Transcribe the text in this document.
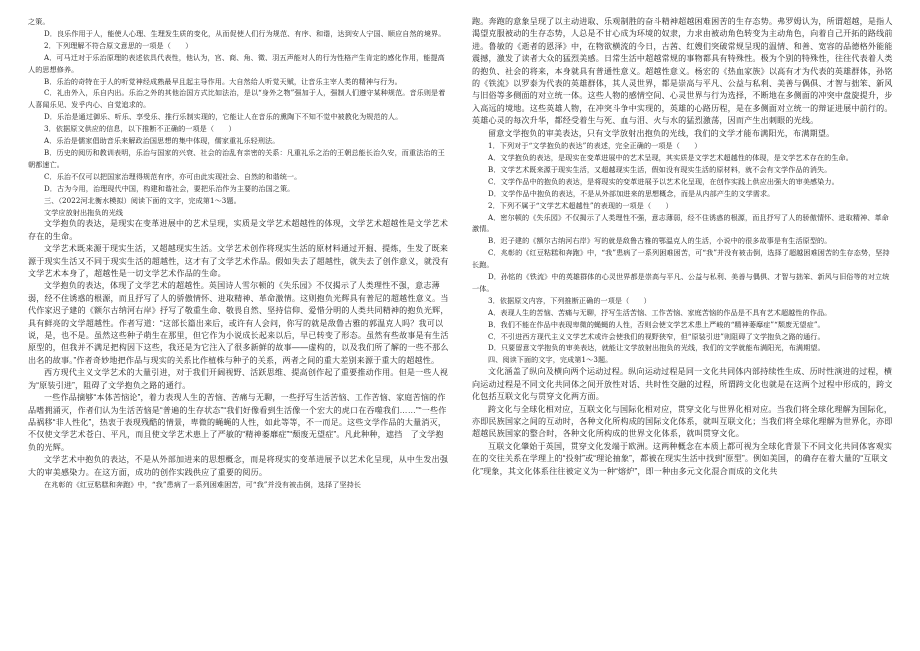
之策。

D．良乐作用于人，能使人心理、生理发生质的变化，从而促使人们行为规范、有序、和谐，达到安人宁国、顺应自然的境界。

2．下列理解不符合原文意思的一项是（　　）

A．可马迁对于乐治原理的表述依具代表性，他认为，宫、商、角、徵、羽五声能对人的行为性格产生肯定的感化作用，能提高人的思想修养。

B．乐治的奇特在于人的听觉神经成熟最早且起主导作用。大自然给人听觉天赋，让音乐主宰人类的精神与行为。

C．礼由外入，乐自内出。乐治之外的其他治国方式比如法治，是以“身外之物”强加于人，强制人们遵守某种规范。音乐则是着人喜闻乐见、发乎内心、自觉追求的。

D．乐治是通过御乐、听乐、享受乐、推行乐制实现的，它能让人在音乐的熏陶下不知不觉中被教化为规范的人。

3．依据原文供应的信息，以下推断不正确的一项是（　　）

A．乐治是儒家倡助音乐来解政治国思想的集中体现，儒家重礼乐轻刑法。

B．历史的阅历和教训表明，乐治与国家的兴衰、社会的治乱有亲密的关系：凡重礼乐之治的王朝总能长治久安，而重法治的王朝都速亡。

C．乐治不仅可以把国家治理得规范有序，亦可由此实现社会、自然的和谐统一。

D．古为今用，治理现代中国，构建和谐社会，要把乐治作为主要的治国之策。

三、（2022河北衡水模拟）阅读下面的文字，完成第1～3题。

文学应放射出拖负的光线

文学抱负的表达，是现实在变革进展中的艺术呈现，实质是文学艺术超越性的体现，文学艺术超越性是文学艺术存在的生命。

文学艺术既来源于现实生活，又超越现实生活。文学艺术创作将现实生活的原材料通过开掘、提炼，生发了既来源于现实生活又不同于现实生活的超越性，这才有了文学艺术作品。假如失去了超越性，就失去了创作意义，就没有文学艺术本身了，超越性是一切文学艺术作品的生命。

文学抱负的表达，体现了文学艺术的超越性。英国诗人雪尔顿的《失乐园》不仅揭示了人类理性不强，意志薄弱，经不住诱惑的根源，而且抒写了人的骄傲情怀、进取精神、革命激情。这则抱负光辉具有普尼的超越性意义。当代作家迟子建的《额尔古纳河右岸》抒写了敬重生命、敬畏自然、坚持信仰、爱惜分明的人类共同精神的抱负光辉，具有鲜亮的文学超越性。作者写道：“这部长篇出来后，或许有人会问，你写的就是敌鲁古雅的郭温克人吗？我可以说，是，也不是。虽然这些种子萌生在那里，但它作为小说成长起来以后，早已转变了形态。虽然有些故事是有生活原型的，但我并不满足把构因下这些，我还是为它注入了很多新鲜的故事——虚构的，以及我们所了解的一些不那么出名的故事。”作者奇妙地把作品与现实的关系比作植株与种子的关系，两者之间的重大差别来源于重大的超越性。

西方现代主义文学艺术的大量引进，对于我们开阔视野、活跃思维、提高创作起了重要推动作用。但是一些人视为“原装引进”，阻碍了文学抱负之路的通行。

一些作品摘够“本体苦恼论”，着力表现人生的苦恼、苦痛与无聊，一些抒写生活苦恼、工作苦恼、家庭苦恼的作品嗜拥涌灭，作者们认为生活苦恼是“普遍的生存状态”“我们好像看到生活像一个宏大的虎口在吞噬我们……”“一些作品祸移“非人性化”，热衷于表现残酷的情景，卑微的蝇蝇的人性，如此等等，不一而足。这些文学作品的大量消灭，不仅使文学艺术苍白、平凡，而且使文学艺术患上了严敏的“精神萎靡症”“颓废无望症”。凡此种种，遮挡　了文学抱负的光辉。

文学艺术中抱负的表达，不是从外部加进来的思想概念，而是将现实的变革进展予以艺术化呈现，从中生发出强大的审美感染力。在这方面，成功的创作实践供应了重要的阅历。

在兆彰的《红豆粘糕和奔跑》中，“我”患病了一系列困难困苦，可“我”并没有被击倒，选择了坚持长

跑。奔跑的意象呈现了以主动进取、乐观制胜的奋斗精神超越困难困苦的生存态势。弗罗姆认为，所谓超越，是指人渴望克服被动的生存态势，人总是不甘心成为环境的奴隶，力求由被动角色转变为主动角色，向着自己开拓的路线前进。鲁敏的《逝者的恩泽》中，在物欲横流的今日，古茜、红嫂们突破常规呈现的温情、和善、宽容的品德格外能能震撼，激发了读者大众的猛烈美感。日常生活中超越常规的事物都具有特殊性。极为个别的特殊性，往往代表着人类的抱负、社会的将来，本身就具有普通性意义。超越性意义。杨宏的《热血家族》以高有才为代表的英雄群体，孙铭的《铁流》以罗泰为代表的英雄群体，其人灵世界，都是崇高与平凡、公益与私利、美善与偶俱、才智与拙笨、新风与旧俗等多侧面的对立统一体。这些人物的感情空间、心灵世界与行为选择，不断地在多侧面的冲突中盘旋提升，步入高远的境地。这些英雄人物，在冲突斗争中实现的，英雄的心路历程，是在多侧面对立统一的辩证进展中前行的。英雄心灵的每次升华，都经受着生与死、血与泪、火与水的猛烈激荡，因而产生出刺眼的光线。

留意文学抱负的审美表达，只有文学放射出抱负的光线，我们的文学才能布满阳光，布满期望。

1．下列对于“文学抱负的表达”的表述，完全正确的一项是（　　）

A．文学抱负的表达，是现实在变革进展中的艺术呈现，其实质是文学艺术超越性的体现，是文学艺术存在的生命。

B．文学艺术既来源于现实生活，又超越现实生活，假如没有现实生活的原材料，就不会有文学作品的消失。

C．文学作品中的抱负的表达，是将现实的变革进展予以艺术化呈现，在创作实践上供应出强大的审美感染力。

D．文学作品中抱负的表达，不是从外部加进来的思想概念，而是从内部产生的文学需求。

2．下列不属于“文学艺术超越性”的表现的一项是（　　）

A．密尔顿的《失乐园》不仅揭示了人类理性不强，意志薄弱，经不住诱惑的根源，而且抒写了人的骄傲情怀、进取精神、革命激情。

B．迟子建的《额尔古纳河右岸》写的就是敌鲁古雅的鄂温克人的生活，小说中的很多故事是有生活原型的。

C．兆彰的《红豆粘糕和奔跑》中，“我”患病了一系列困难困苦，可“我”并没有被击倒，选择了超越困难困苦的生存态势，坚持长跑。

D．孙铭的《铁流》中的英雄群体的心灵世界都是崇高与平凡、公益与私利、美善与偶俱、才智与拙笨、新风与旧俗等的对立统一体。

3．依据原文内容，下列推断正确的一项是（　　）

A．表现人生的苦恼、苦痛与无聊，抒写生活苦恼、工作苦恼、家庭苦恼的作品是不具有艺术超越性的作品。

B．我们不能在作品中表现卑微的蝇蝇的人性，否则会使文学艺术患上严峻的“精神萎靡症”“颓废无望症”。

C．不引进西方现代主义文学艺术或许会使我们的视野狭窄，但“原装引进”则阻碍了文学抱负之路的通行。

D．只要留意文学抱负的审美表达，就能让文学放射出抱负的光线，我们的文学就能布满阳光，布满期望。

四、阅读下面的文字，完成第1～3题。

文化涵盖了纵向及横向两个运动过程。纵向运动过程是同一文化共同体内部持续性生成、历时性演进的过程，横向运动过程是不同文化共同体之间开放性对话、共时性交融的过程，所谓跨文化也就是在这两个过程中形成的，跨文化包括互联文化与贯穿文化两方面。

跨文化与全球化相对应，互联文化与国际化相对应，贯穿文化与世界化相对应。当我们将全球化理解为国际化，亦即民族国家之间的互动时，各种文化所构成的国际文化体系，就叫互联文化；当我们将全球化理解为世界化，亦即超越民族国家的整合时，各种文化所构成的世界文化体系，就叫贯穿文化。

互联文化肇始于英国，贯穿文化发端于欧洲。这两种概念在本质上都可视为全球化背景下不同文化共同体客观实在的交往关系在学理上的“投射”或“理论抽象”，都被在现实生活中找到“原型”。例如美国，的确存在着大量的“互联文化”现象，其文化体系往往被定义为一种“熔炉”，即一种由多元文化混合而成的文化共
